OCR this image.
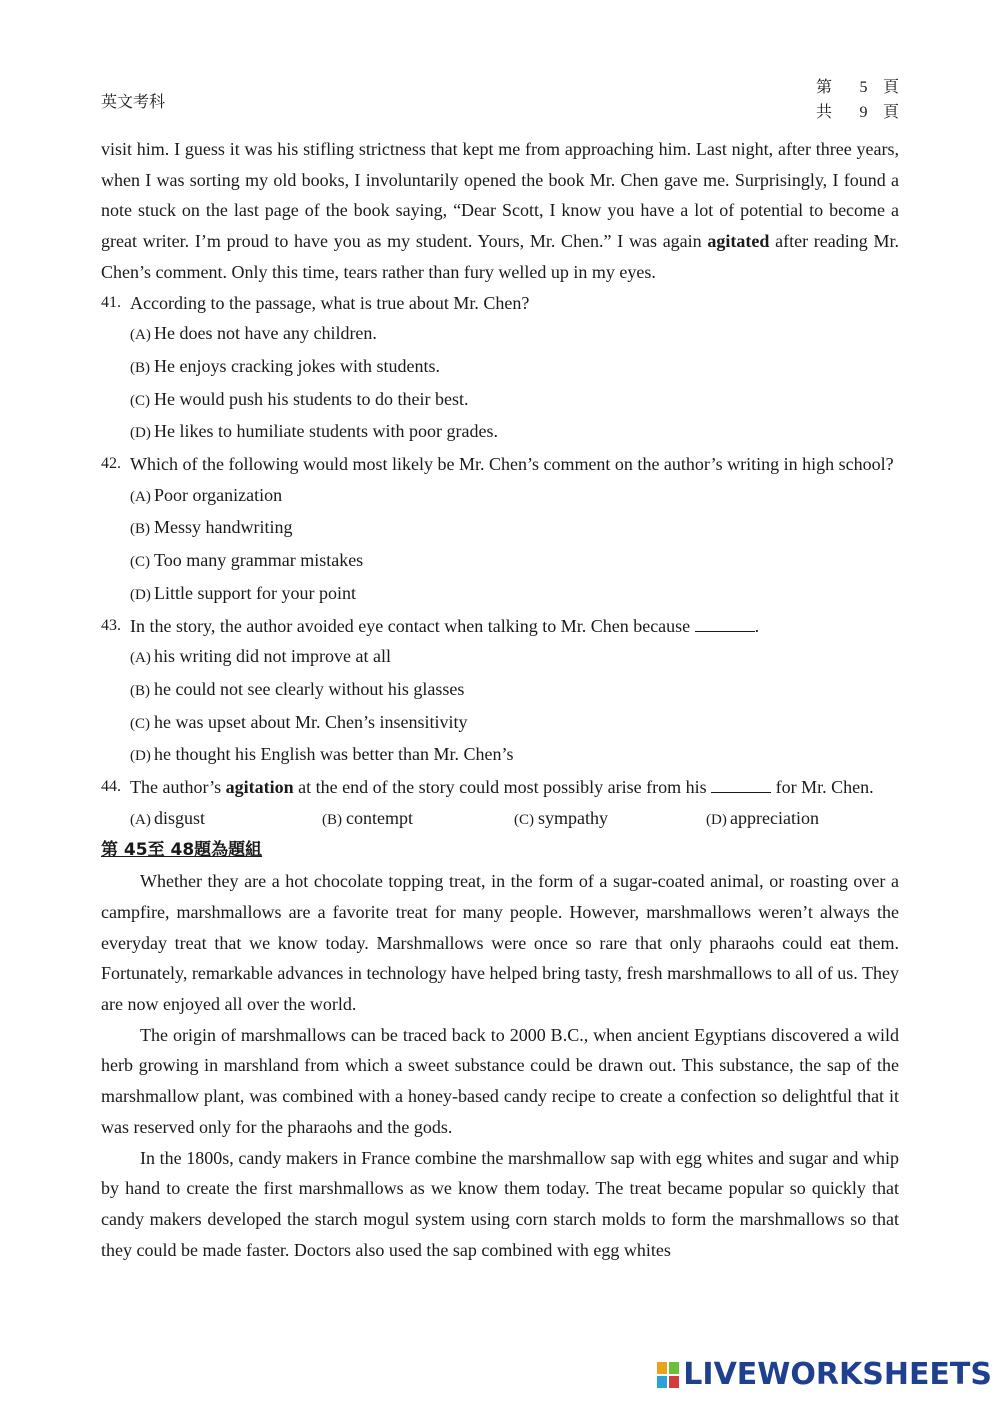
英文考科
第	5 頁
共	9 頁

visit him. I guess it was his stifling strictness that kept me from approaching him. Last night, after three years, when I was sorting my old books, I involuntarily opened the book Mr. Chen gave me. Surprisingly, I found a note stuck on the last page of the book saying, “Dear Scott, I know you have a lot of potential to become a great writer. I’m proud to have you as my student. Yours, Mr. Chen.” I was again agitated after reading Mr. Chen’s comment. Only this time, tears rather than fury welled up in my eyes.

41. According to the passage, what is true about Mr. Chen?
(A) He does not have any children.
(B) He enjoys cracking jokes with students.
(C) He would push his students to do their best.
(D) He likes to humiliate students with poor grades.
42. Which of the following would most likely be Mr. Chen’s comment on the author’s writing in high school?
(A) Poor organization
(B) Messy handwriting
(C) Too many grammar mistakes
(D) Little support for your point
43. In the story, the author avoided eye contact when talking to Mr. Chen because	.
(A) his writing did not improve at all
(B) he could not see clearly without his glasses
(C) he was upset about Mr. Chen’s insensitivity
(D) he thought his English was better than Mr. Chen’s
44. The author’s agitation at the end of the story could most possibly arise from his	for Mr. Chen.
(A) disgust	(B) contempt	(C) sympathy	(D) appreciation
第 45至 48題為題組

Whether they are a hot chocolate topping treat, in the form of a sugar-coated animal, or roasting over a campfire, marshmallows are a favorite treat for many people. However, marshmallows weren’t always the everyday treat that we know today. Marshmallows were once so rare that only pharaohs could eat them. Fortunately, remarkable advances in technology have helped bring tasty, fresh marshmallows to all of us. They are now enjoyed all over the world.

The origin of marshmallows can be traced back to 2000 B.C., when ancient Egyptians discovered a wild herb growing in marshland from which a sweet substance could be drawn out. This substance, the sap of the marshmallow plant, was combined with a honey-based candy recipe to create a confection so delightful that it was reserved only for the pharaohs and the gods.

In the 1800s, candy makers in France combine the marshmallow sap with egg whites and sugar and whip by hand to create the first marshmallows as we know them today. The treat became popular so quickly that candy makers developed the starch mogul system using corn starch molds to form the marshmallows so that they could be made faster. Doctors also used the sap combined with egg whites

LIVEWORKSHEETS
